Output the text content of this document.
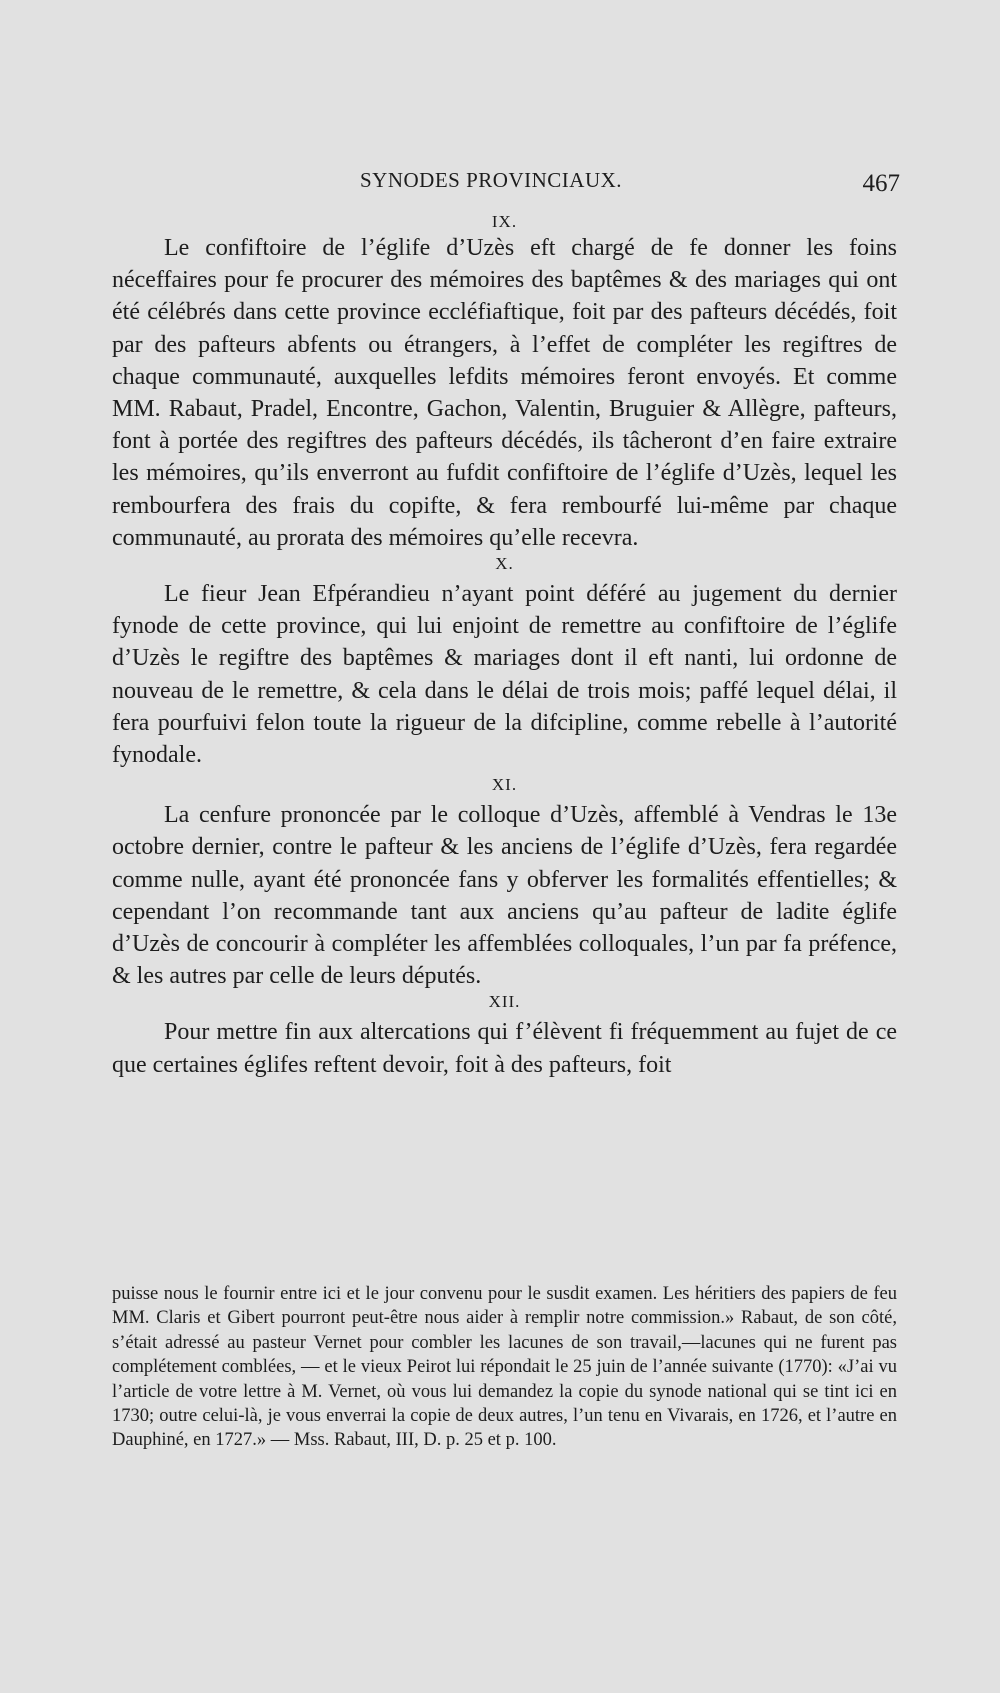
SYNODES PROVINCIAUX.	467

IX.

Le confiftoire de l’églife d’Uzès eft chargé de fe donner les foins néceffaires pour fe procurer des mémoires des baptêmes & des mariages qui ont été célébrés dans cette province eccléfiaftique, foit par des pafteurs décédés, foit par des pafteurs abfents ou étrangers, à l’effet de compléter les regiftres de chaque communauté, auxquelles lefdits mémoires feront envoyés. Et comme MM. Rabaut, Pradel, Encontre, Gachon, Valentin, Bruguier & Allègre, pafteurs, font à portée des regiftres des pafteurs décédés, ils tâcheront d’en faire extraire les mémoires, qu’ils enverront au fufdit confiftoire de l’églife d’Uzès, lequel les rembourfera des frais du copifte, & fera rembourfé lui-même par chaque communauté, au prorata des mémoires qu’elle recevra.

X.

Le fieur Jean Efpérandieu n’ayant point déféré au jugement du dernier fynode de cette province, qui lui enjoint de remettre au confiftoire de l’églife d’Uzès le regiftre des baptêmes & mariages dont il eft nanti, lui ordonne de nouveau de le remettre, & cela dans le délai de trois mois; paffé lequel délai, il fera pourfuivi felon toute la rigueur de la difcipline, comme rebelle à l’autorité fynodale.

XI.

La cenfure prononcée par le colloque d’Uzès, affemblé à Vendras le 13e octobre dernier, contre le pafteur & les anciens de l’églife d’Uzès, fera regardée comme nulle, ayant été prononcée fans y obferver les formalités effentielles; & cependant l’on recommande tant aux anciens qu’au pafteur de ladite églife d’Uzès de concourir à compléter les affemblées colloquales, l’un par fa préfence, & les autres par celle de leurs députés.

XII.

Pour mettre fin aux altercations qui f’élèvent fi fréquemment au fujet de ce que certaines églifes reftent devoir, foit à des pafteurs, foit

puisse nous le fournir entre ici et le jour convenu pour le susdit examen. Les héritiers des papiers de feu MM. Claris et Gibert pourront peut-être nous aider à remplir notre commission.» Rabaut, de son côté, s’était adressé au pasteur Vernet pour combler les lacunes de son travail,—lacunes qui ne furent pas complétement comblées, — et le vieux Peirot lui répondait le 25 juin de l’année suivante (1770): «J’ai vu l’article de votre lettre à M. Vernet, où vous lui demandez la copie du synode national qui se tint ici en 1730; outre celui-là, je vous enverrai la copie de deux autres, l’un tenu en Vivarais, en 1726, et l’autre en Dauphiné, en 1727.» — Mss. Rabaut, III, D. p. 25 et p. 100.
